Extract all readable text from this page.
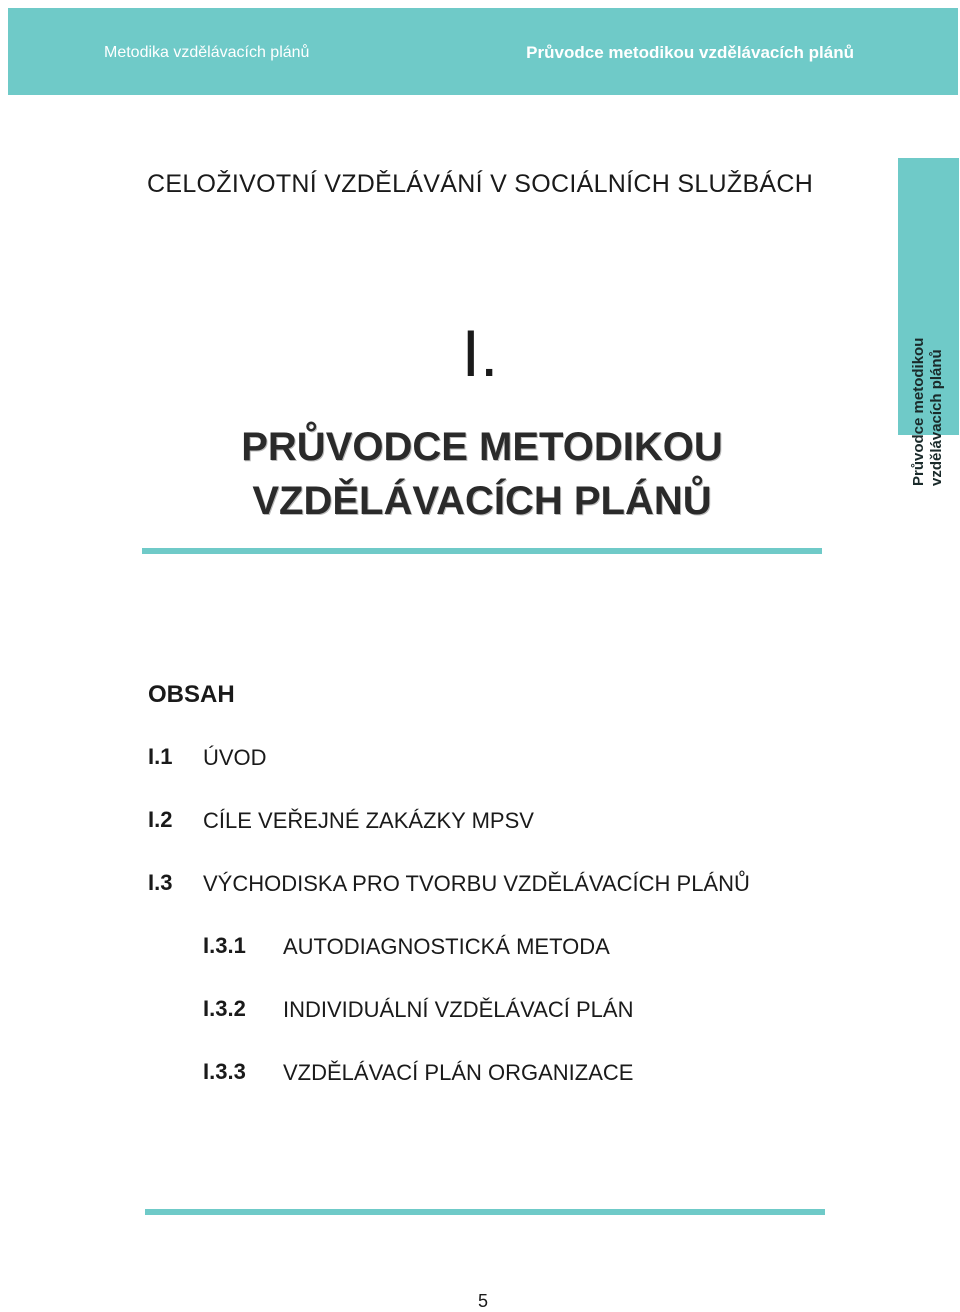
Metodika vzdělávacích plánů	Průvodce metodikou vzdělávacích plánů
Průvodce metodikou vzdělávacích plánů
CELOŽIVOTNÍ VZDĚLÁVÁNÍ V SOCIÁLNÍCH SLUŽBÁCH
I.
PRŮVODCE METODIKOU
VZDĚLÁVACÍCH PLÁNŮ
OBSAH
I.1 ÚVOD
I.2 CÍLE VEŘEJNÉ ZAKÁZKY MPSV
I.3 VÝCHODISKA PRO TVORBU VZDĚLÁVACÍCH PLÁNŮ
I.3.1 AUTODIAGNOSTICKÁ METODA
I.3.2 INDIVIDUÁLNÍ VZDĚLÁVACÍ PLÁN
I.3.3 VZDĚLÁVACÍ PLÁN ORGANIZACE
5
